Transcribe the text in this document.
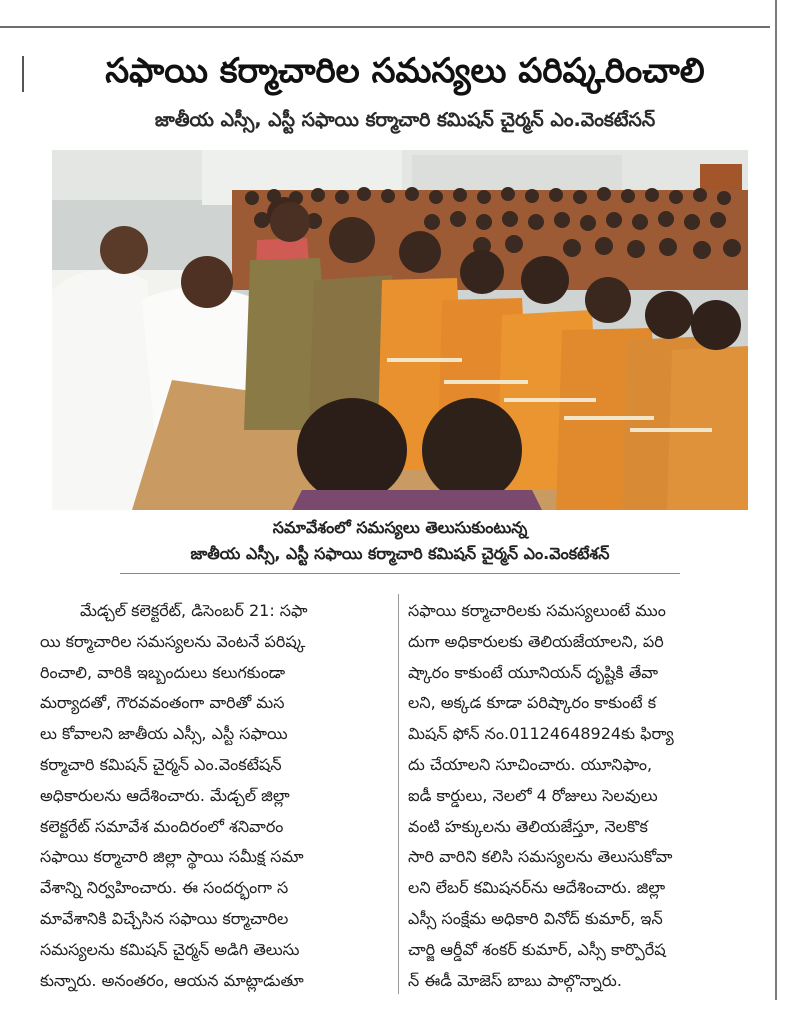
సఫాయి కర్మాచారిల సమస్యలు పరిష్కరించాలి
జాతీయ ఎస్సీ, ఎస్టీ సఫాయి కర్మాచారి కమిషన్ చైర్మన్ ఎం.వెంకటేసన్
సమావేశంలో సమస్యలు తెలుసుకుంటున్న
జాతీయ ఎస్సీ, ఎస్టీ సఫాయి కర్మాచారి కమిషన్ చైర్మన్ ఎం.వెంకటేశన్
మేడ్చల్ కలెక్టరేట్, డిసెంబర్ 21: సఫా
యి కర్మాచారిల సమస్యలను వెంటనే పరిష్క
రించాలి, వారికి ఇబ్బందులు కలుగకుండా
మర్యాదతో, గౌరవవంతంగా వారితో మస
లు కోవాలని జాతీయ ఎస్సీ, ఎస్టీ సఫాయి
కర్మాచారి కమిషన్ చైర్మన్ ఎం.వెంకటేషన్
అధికారులను ఆదేశించారు. మేడ్చల్ జిల్లా
కలెక్టరేట్ సమావేశ మందిరంలో శనివారం
సఫాయి కర్మాచారి జిల్లా స్థాయి సమీక్ష సమా
వేశాన్ని నిర్వహించారు. ఈ సందర్భంగా స
మావేశానికి విచ్చేసిన సఫాయి కర్మాచారిల
సమస్యలను కమిషన్ చైర్మన్ అడిగి తెలుసు
కున్నారు. అనంతరం, ఆయన మాట్లాడుతూ
సఫాయి కర్మాచారిలకు సమస్యలుంటే ముం
దుగా అధికారులకు తెలియజేయాలని, పరి
ష్కారం కాకుంటే యూనియన్ దృష్టికి తేవా
లని, అక్కడ కూడా పరిష్కారం కాకుంటే క
మిషన్ ఫోన్ నం.01124648924కు ఫిర్యా
దు చేయాలని సూచించారు. యూనిఫాం,
ఐడీ కార్డులు, నెలలో 4 రోజులు సెలవులు
వంటి హక్కులను తెలియజేస్తూ, నెలకొక
సారి వారిని కలిసి సమస్యలను తెలుసుకోవా
లని లేబర్ కమిషనర్‌ను ఆదేశించారు. జిల్లా
ఎస్సీ సంక్షేమ అధికారి వినోద్ కుమార్, ఇన్
చార్జి ఆర్డీవో శంకర్ కుమార్, ఎస్సీ కార్పొరేష
న్ ఈడీ మోజెస్ బాబు పాల్గొన్నారు.
